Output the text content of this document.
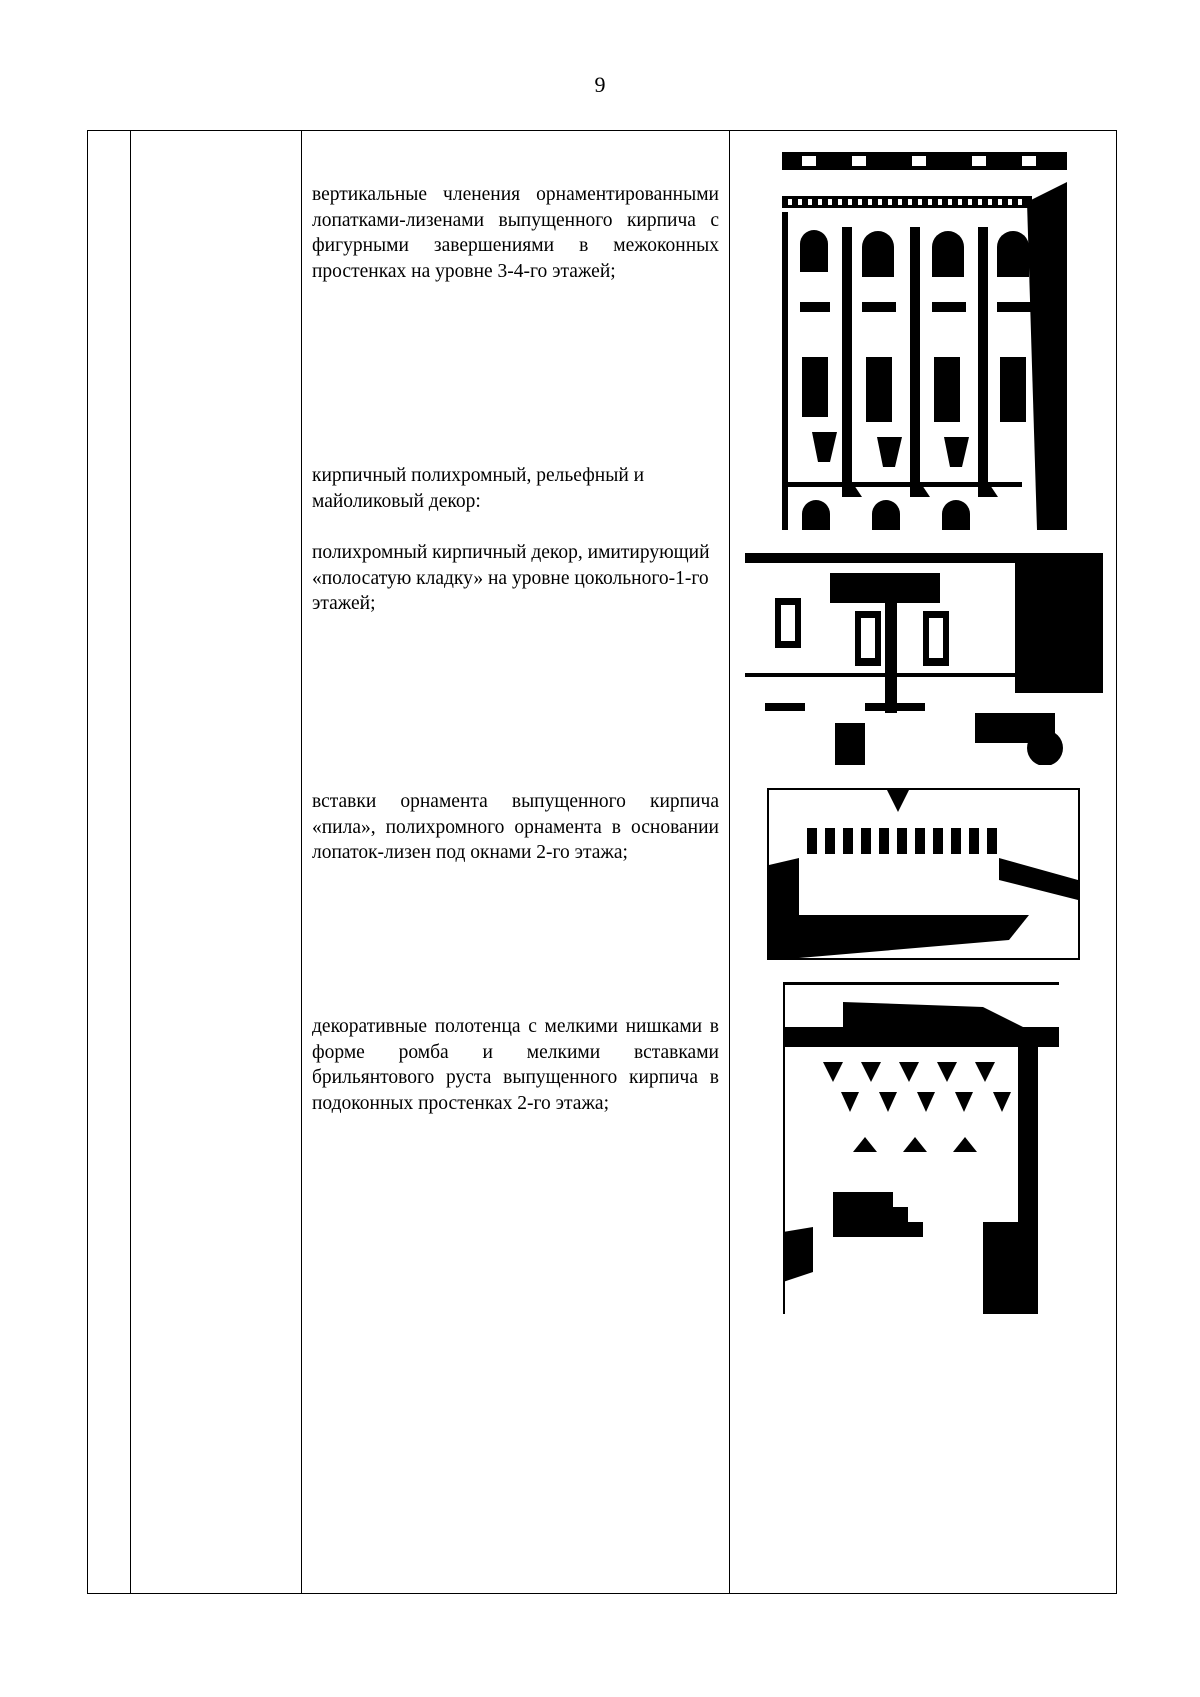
9
вертикальные членения орнаментированными лопатками-лизенами выпущенного кирпича с фигурными завершениями в межоконных простенках на уровне 3-4-го этажей;
кирпичный полихромный, рельефный и майоликовый декор:
полихромный кирпичный декор, имитирующий «полосатую кладку» на уровне цокольного-1-го этажей;
вставки орнамента выпущенного кирпича «пила», полихромного орнамента в основании лопаток-лизен под окнами 2-го этажа;
декоративные полотенца с мелкими нишками в форме ромба и мелкими вставками брильянтового руста выпущенного кирпича в подоконных простенках 2-го этажа;
